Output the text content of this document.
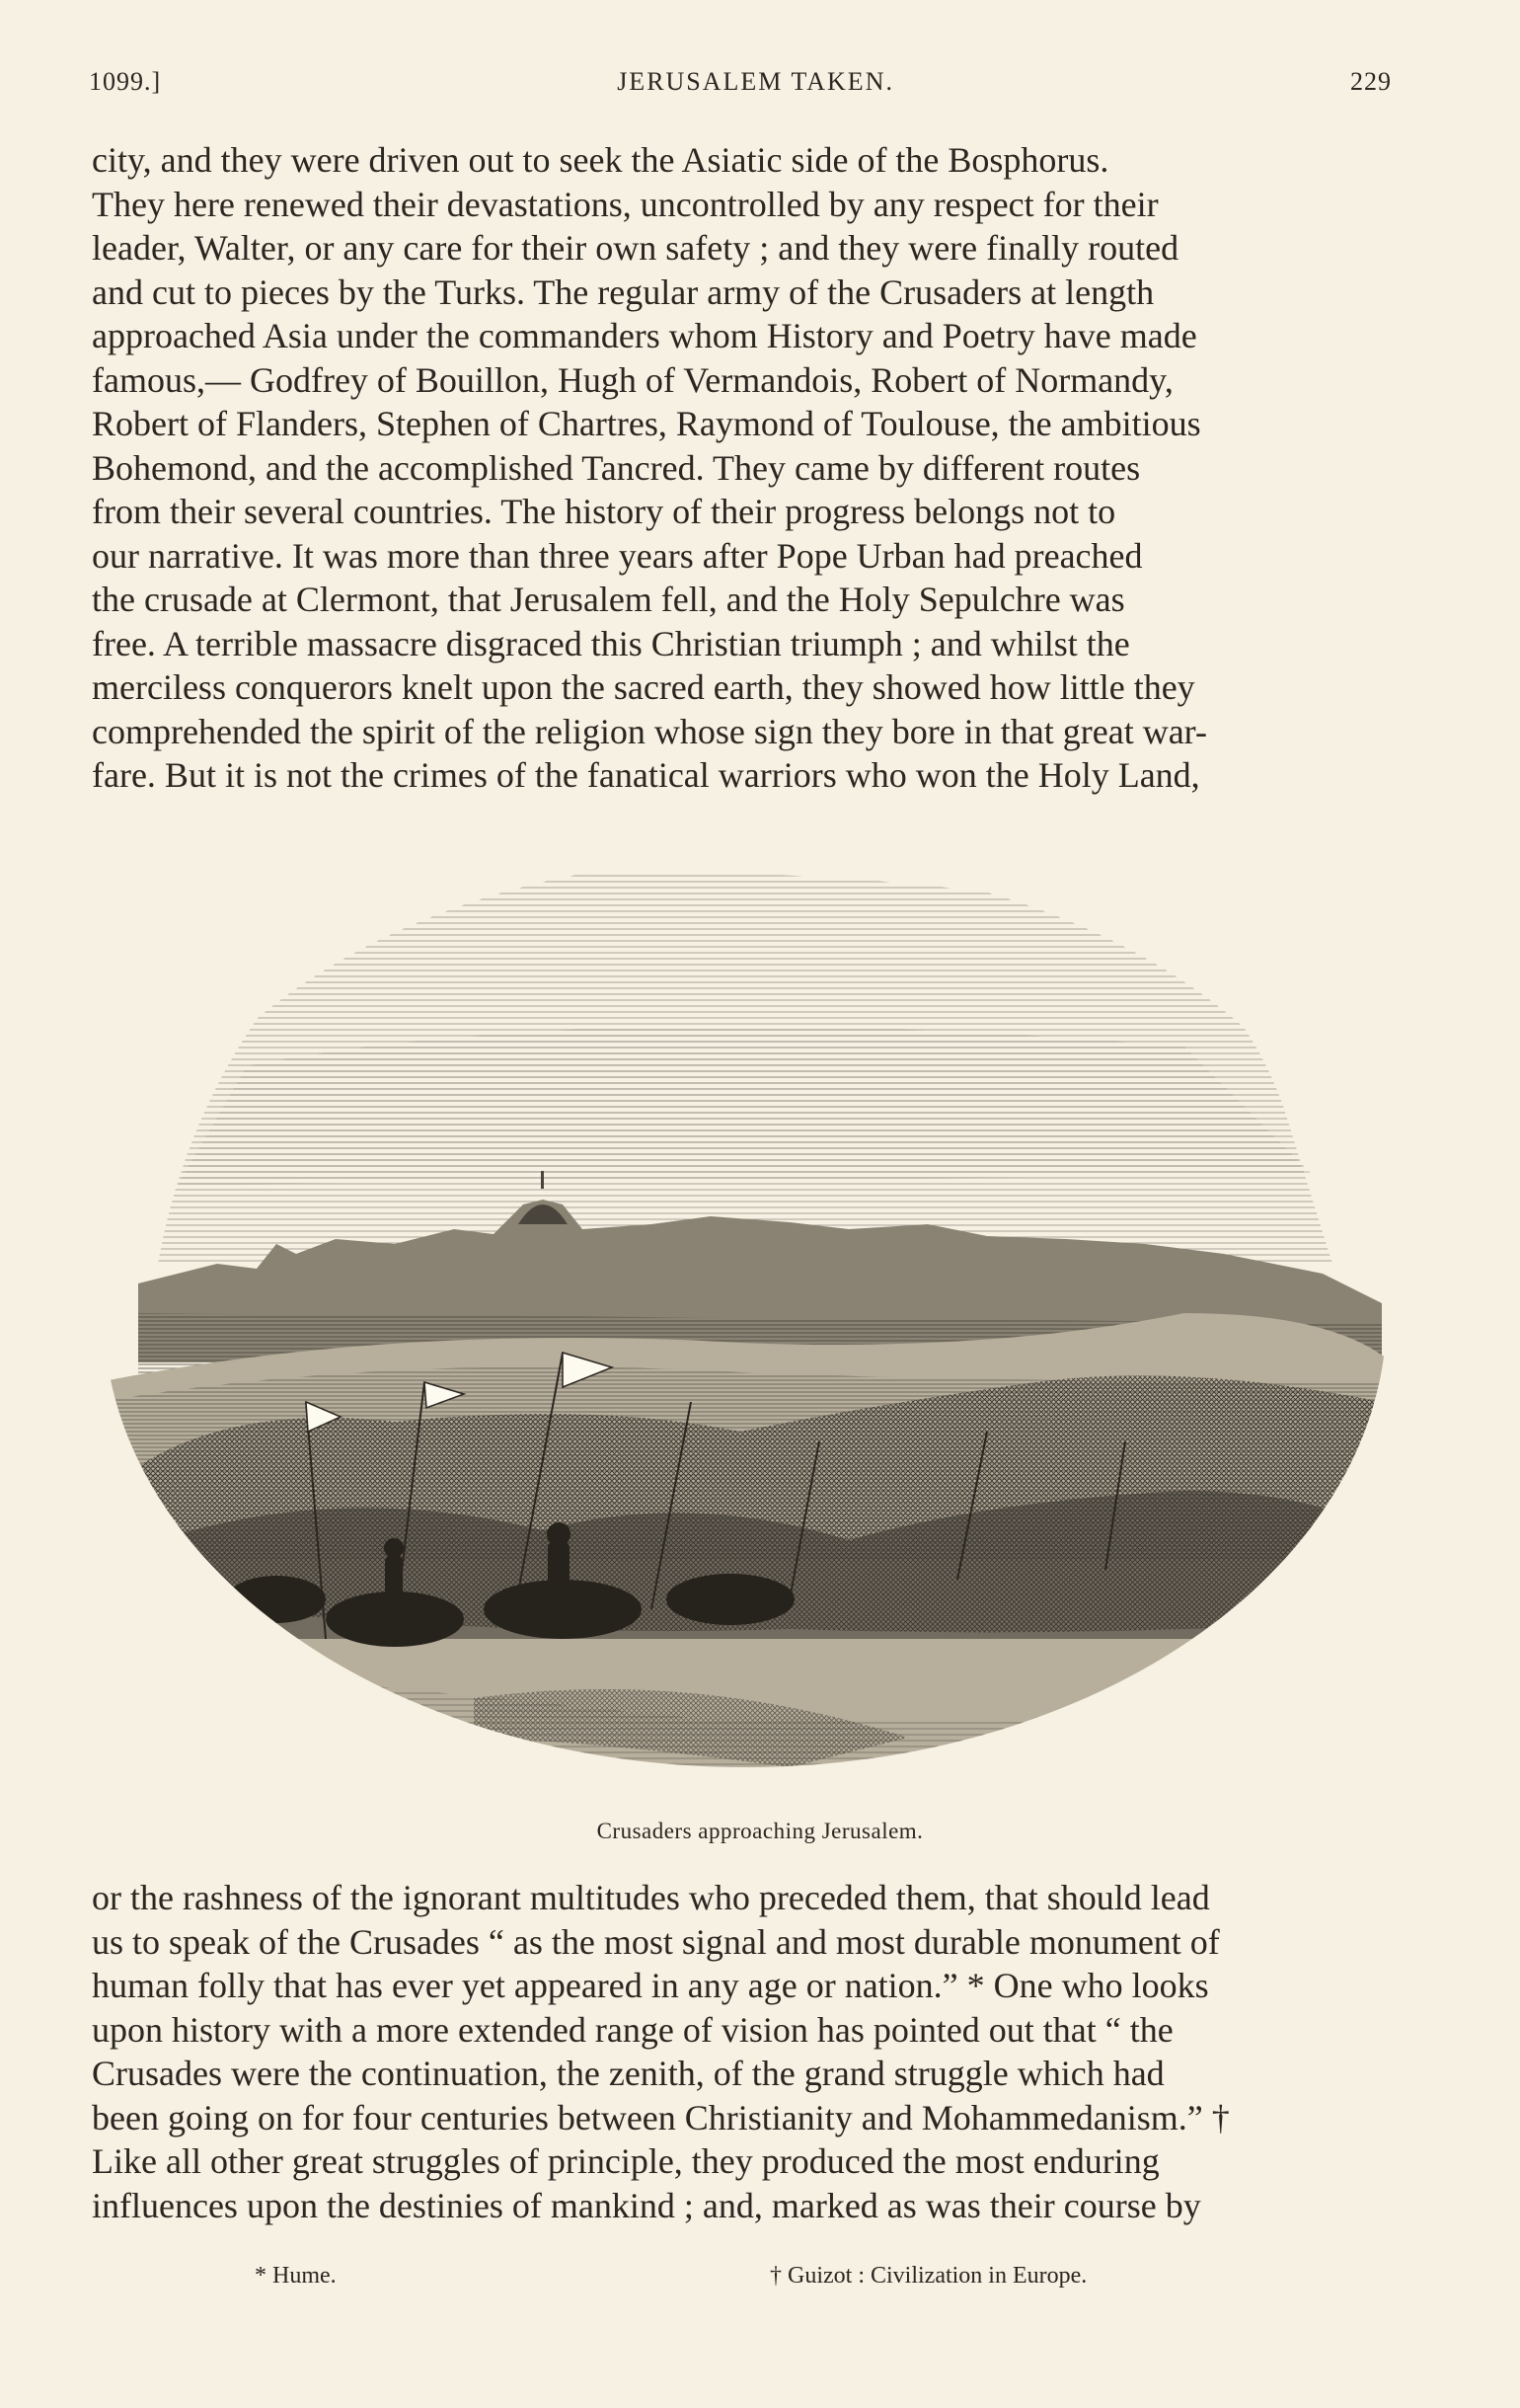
1099.]	JERUSALEM TAKEN.	229

city, and they were driven out to seek the Asiatic side of the Bosphorus.
They here renewed their devastations, uncontrolled by any respect for their
leader, Walter, or any care for their own safety ; and they were finally routed
and cut to pieces by the Turks. The regular army of the Crusaders at length
approached Asia under the commanders whom History and Poetry have made
famous,— Godfrey of Bouillon, Hugh of Vermandois, Robert of Normandy,
Robert of Flanders, Stephen of Chartres, Raymond of Toulouse, the ambitious
Bohemond, and the accomplished Tancred. They came by different routes
from their several countries. The history of their progress belongs not to
our narrative. It was more than three years after Pope Urban had preached
the crusade at Clermont, that Jerusalem fell, and the Holy Sepulchre was
free. A terrible massacre disgraced this Christian triumph ; and whilst the
merciless conquerors knelt upon the sacred earth, they showed how little they
comprehended the spirit of the religion whose sign they bore in that great war-
fare. But it is not the crimes of the fanatical warriors who won the Holy Land,

Crusaders approaching Jerusalem.

or the rashness of the ignorant multitudes who preceded them, that should lead
us to speak of the Crusades “ as the most signal and most durable monument of
human folly that has ever yet appeared in any age or nation.” * One who looks
upon history with a more extended range of vision has pointed out that “ the
Crusades were the continuation, the zenith, of the grand struggle which had
been going on for four centuries between Christianity and Mohammedanism.” †
Like all other great struggles of principle, they produced the most enduring
influences upon the destinies of mankind ; and, marked as was their course by

* Hume.	† Guizot : Civilization in Europe.
